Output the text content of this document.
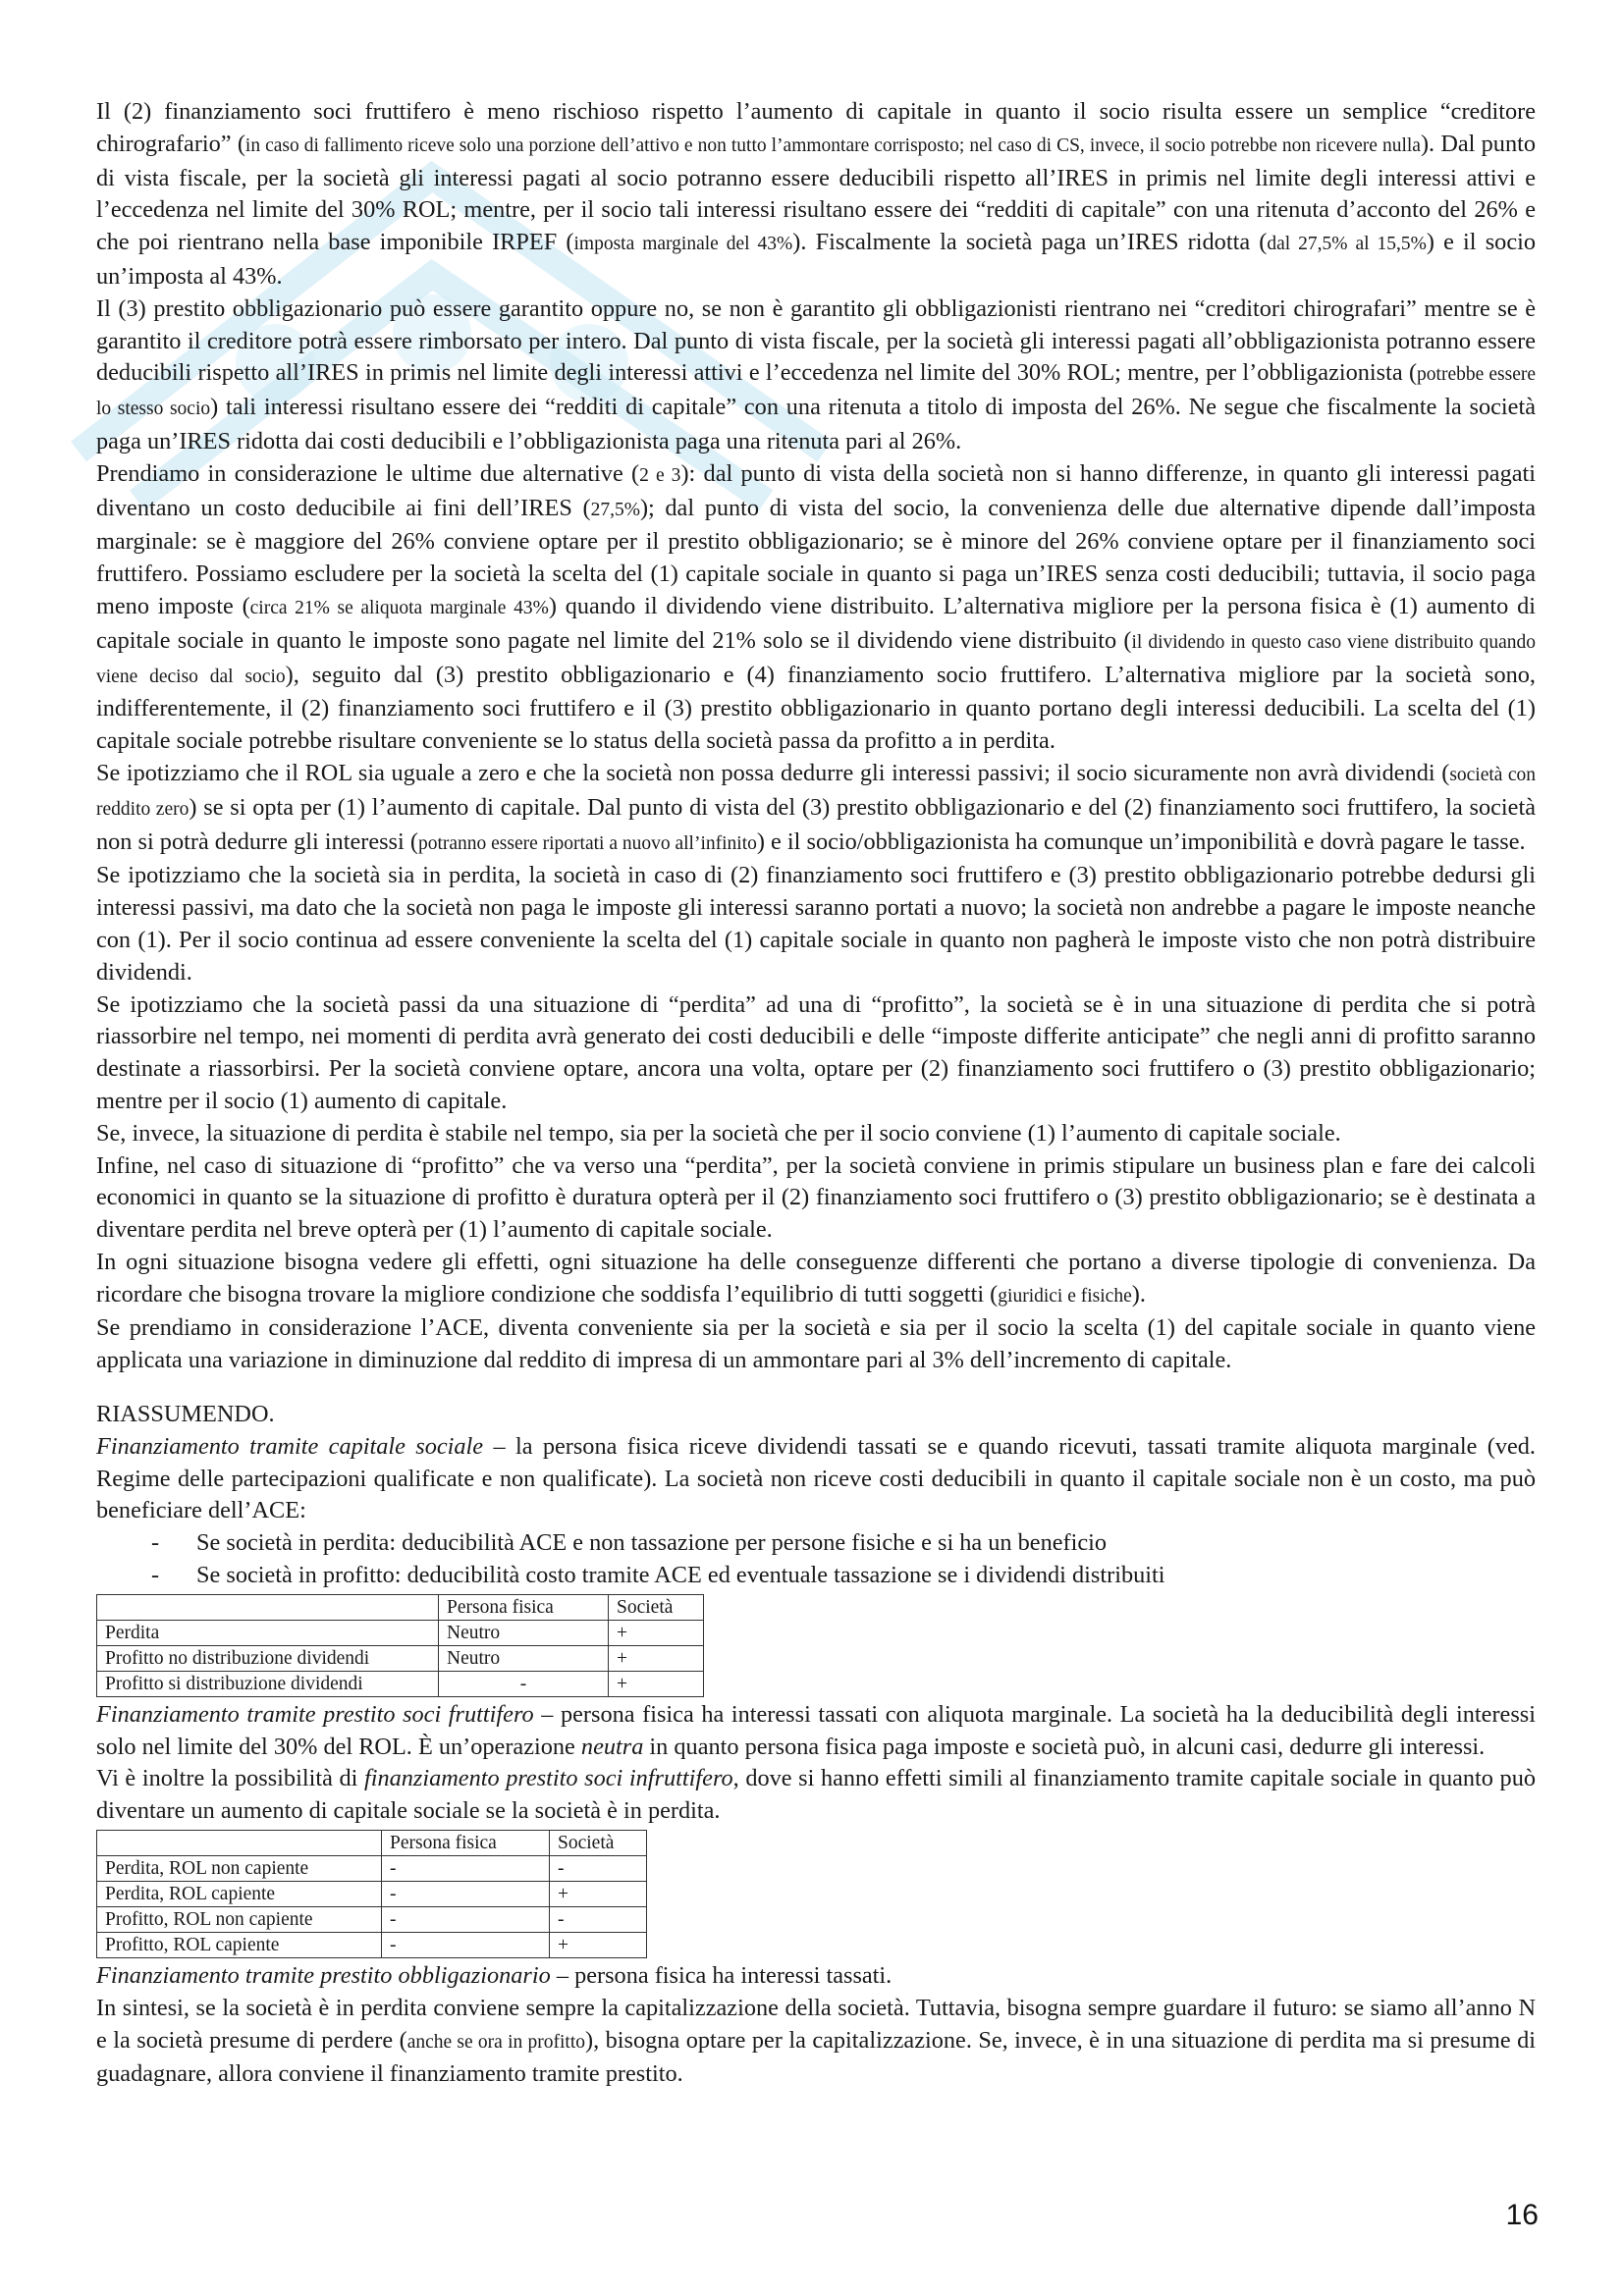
Il (2) finanziamento soci fruttifero è meno rischioso rispetto l’aumento di capitale in quanto il socio risulta essere un semplice “creditore chirografario” (in caso di fallimento riceve solo una porzione dell’attivo e non tutto l’ammontare corrisposto; nel caso di CS, invece, il socio potrebbe non ricevere nulla). Dal punto di vista fiscale, per la società gli interessi pagati al socio potranno essere deducibili rispetto all’IRES in primis nel limite degli interessi attivi e l’eccedenza nel limite del 30% ROL; mentre, per il socio tali interessi risultano essere dei “redditi di capitale” con una ritenuta d’acconto del 26% e che poi rientrano nella base imponibile IRPEF (imposta marginale del 43%). Fiscalmente la società paga un’IRES ridotta (dal 27,5% al 15,5%) e il socio un’imposta al 43%.

Il (3) prestito obbligazionario può essere garantito oppure no, se non è garantito gli obbligazionisti rientrano nei “creditori chirografari” mentre se è garantito il creditore potrà essere rimborsato per intero. Dal punto di vista fiscale, per la società gli interessi pagati all’obbligazionista potranno essere deducibili rispetto all’IRES in primis nel limite degli interessi attivi e l’eccedenza nel limite del 30% ROL; mentre, per l’obbligazionista (potrebbe essere lo stesso socio) tali interessi risultano essere dei “redditi di capitale” con una ritenuta a titolo di imposta del 26%. Ne segue che fiscalmente la società paga un’IRES ridotta dai costi deducibili e l’obbligazionista paga una ritenuta pari al 26%.

Prendiamo in considerazione le ultime due alternative (2 e 3): dal punto di vista della società non si hanno differenze, in quanto gli interessi pagati diventano un costo deducibile ai fini dell’IRES (27,5%); dal punto di vista del socio, la convenienza delle due alternative dipende dall’imposta marginale: se è maggiore del 26% conviene optare per il prestito obbligazionario; se è minore del 26% conviene optare per il finanziamento soci fruttifero. Possiamo escludere per la società la scelta del (1) capitale sociale in quanto si paga un’IRES senza costi deducibili; tuttavia, il socio paga meno imposte (circa 21% se aliquota marginale 43%) quando il dividendo viene distribuito. L’alternativa migliore per la persona fisica è (1) aumento di capitale sociale in quanto le imposte sono pagate nel limite del 21% solo se il dividendo viene distribuito (il dividendo in questo caso viene distribuito quando viene deciso dal socio), seguito dal (3) prestito obbligazionario e (4) finanziamento socio fruttifero. L’alternativa migliore par la società sono, indifferentemente, il (2) finanziamento soci fruttifero e il (3) prestito obbligazionario in quanto portano degli interessi deducibili. La scelta del (1) capitale sociale potrebbe risultare conveniente se lo status della società passa da profitto a in perdita.

Se ipotizziamo che il ROL sia uguale a zero e che la società non possa dedurre gli interessi passivi; il socio sicuramente non avrà dividendi (società con reddito zero) se si opta per (1) l’aumento di capitale. Dal punto di vista del (3) prestito obbligazionario e del (2) finanziamento soci fruttifero, la società non si potrà dedurre gli interessi (potranno essere riportati a nuovo all’infinito) e il socio/obbligazionista ha comunque un’imponibilità e dovrà pagare le tasse.

Se ipotizziamo che la società sia in perdita, la società in caso di (2) finanziamento soci fruttifero e (3) prestito obbligazionario potrebbe dedursi gli interessi passivi, ma dato che la società non paga le imposte gli interessi saranno portati a nuovo; la società non andrebbe a pagare le imposte neanche con (1). Per il socio continua ad essere conveniente la scelta del (1) capitale sociale in quanto non pagherà le imposte visto che non potrà distribuire dividendi.

Se ipotizziamo che la società passi da una situazione di “perdita” ad una di “profitto”, la società se è in una situazione di perdita che si potrà riassorbire nel tempo, nei momenti di perdita avrà generato dei costi deducibili e delle “imposte differite anticipate” che negli anni di profitto saranno destinate a riassorbirsi. Per la società conviene optare, ancora una volta, optare per (2) finanziamento soci fruttifero o (3) prestito obbligazionario; mentre per il socio (1) aumento di capitale.

Se, invece, la situazione di perdita è stabile nel tempo, sia per la società che per il socio conviene (1) l’aumento di capitale sociale.

Infine, nel caso di situazione di “profitto” che va verso una “perdita”, per la società conviene in primis stipulare un business plan e fare dei calcoli economici in quanto se la situazione di profitto è duratura opterà per il (2) finanziamento soci fruttifero o (3) prestito obbligazionario; se è destinata a diventare perdita nel breve opterà per (1) l’aumento di capitale sociale.

In ogni situazione bisogna vedere gli effetti, ogni situazione ha delle conseguenze differenti che portano a diverse tipologie di convenienza. Da ricordare che bisogna trovare la migliore condizione che soddisfa l’equilibrio di tutti soggetti (giuridici e fisiche).

Se prendiamo in considerazione l’ACE, diventa conveniente sia per la società e sia per il socio la scelta (1) del capitale sociale in quanto viene applicata una variazione in diminuzione dal reddito di impresa di un ammontare pari al 3% dell’incremento di capitale.

RIASSUMENDO.

Finanziamento tramite capitale sociale – la persona fisica riceve dividendi tassati se e quando ricevuti, tassati tramite aliquota marginale (ved. Regime delle partecipazioni qualificate e non qualificate). La società non riceve costi deducibili in quanto il capitale sociale non è un costo, ma può beneficiare dell’ACE:

- Se società in perdita: deducibilità ACE e non tassazione per persone fisiche e si ha un beneficio
- Se società in profitto: deducibilità costo tramite ACE ed eventuale tassazione se i dividendi distribuiti
	Persona fisica	Società
Perdita	Neutro	+
Profitto no distribuzione dividendi	Neutro	+
Profitto si distribuzione dividendi	-	+

Finanziamento tramite prestito soci fruttifero – persona fisica ha interessi tassati con aliquota marginale. La società ha la deducibilità degli interessi solo nel limite del 30% del ROL. È un’operazione neutra in quanto persona fisica paga imposte e società può, in alcuni casi, dedurre gli interessi.

Vi è inoltre la possibilità di finanziamento prestito soci infruttifero, dove si hanno effetti simili al finanziamento tramite capitale sociale in quanto può diventare un aumento di capitale sociale se la società è in perdita.

	Persona fisica	Società
Perdita, ROL non capiente	-	-
Perdita, ROL capiente	-	+
Profitto, ROL non capiente	-	-
Profitto, ROL capiente	-	+

Finanziamento tramite prestito obbligazionario – persona fisica ha interessi tassati.

In sintesi, se la società è in perdita conviene sempre la capitalizzazione della società. Tuttavia, bisogna sempre guardare il futuro: se siamo all’anno N e la società presume di perdere (anche se ora in profitto), bisogna optare per la capitalizzazione. Se, invece, è in una situazione di perdita ma si presume di guadagnare, allora conviene il finanziamento tramite prestito.

16
